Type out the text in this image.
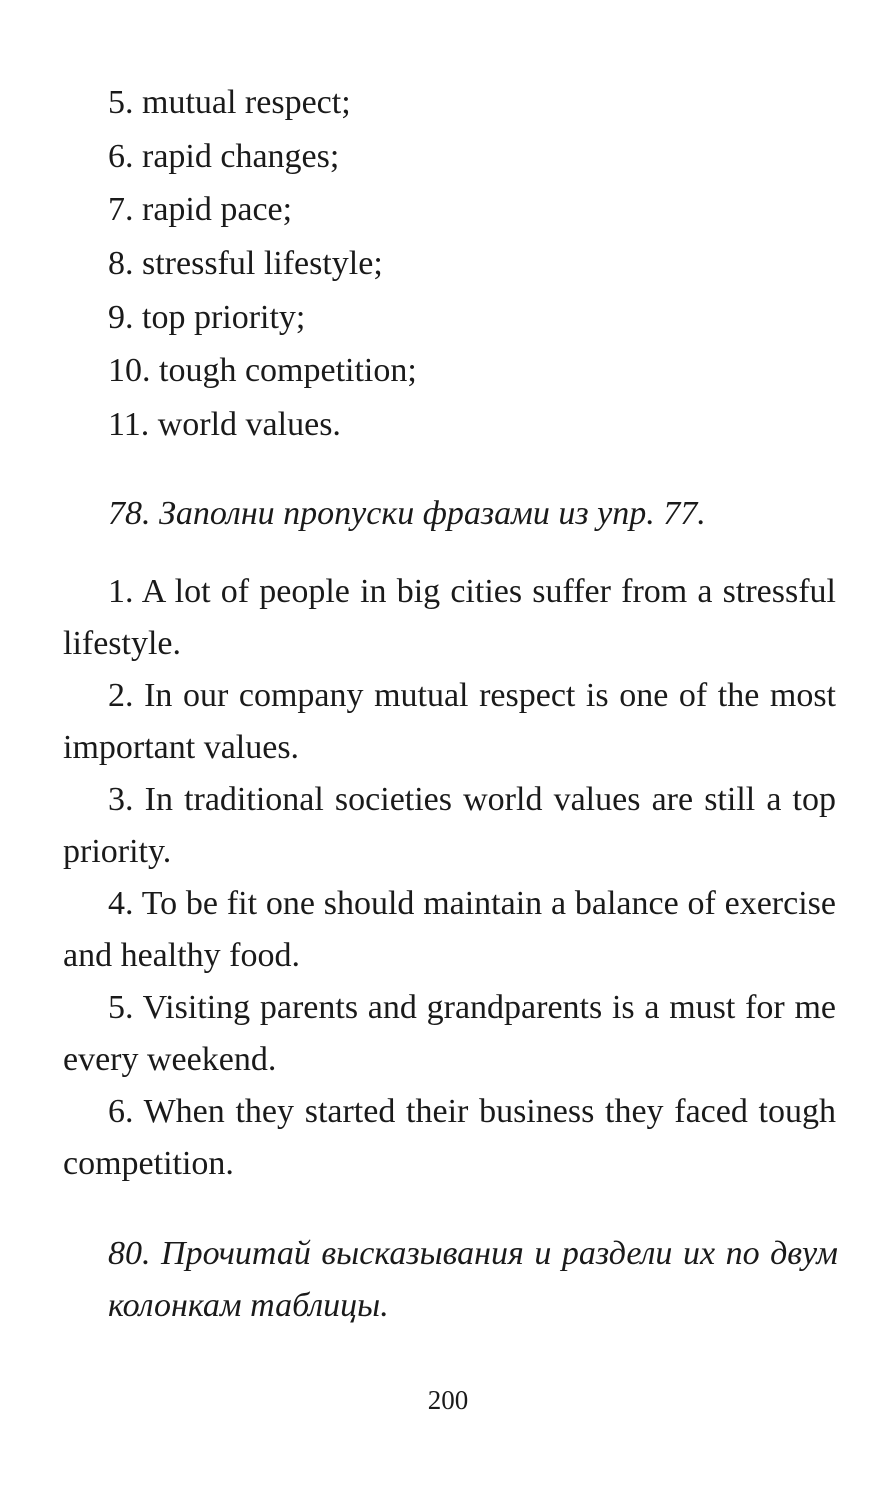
5. mutual respect;
6. rapid changes;
7. rapid pace;
8. stressful lifestyle;
9. top priority;
10. tough competition;
11. world values.
78. Заполни пропуски фразами из упр. 77.

1. A lot of people in big cities suffer from a stressful lifestyle.

2. In our company mutual respect is one of the most important values.

3. In traditional societies world values are still a top priority.

4. To be fit one should maintain a balance of exercise and healthy food.

5. Visiting parents and grandparents is a must for me every weekend.

6. When they started their business they faced tough competition.

80. Прочитай высказывания и раздели их по двум колонкам таблицы.
200
